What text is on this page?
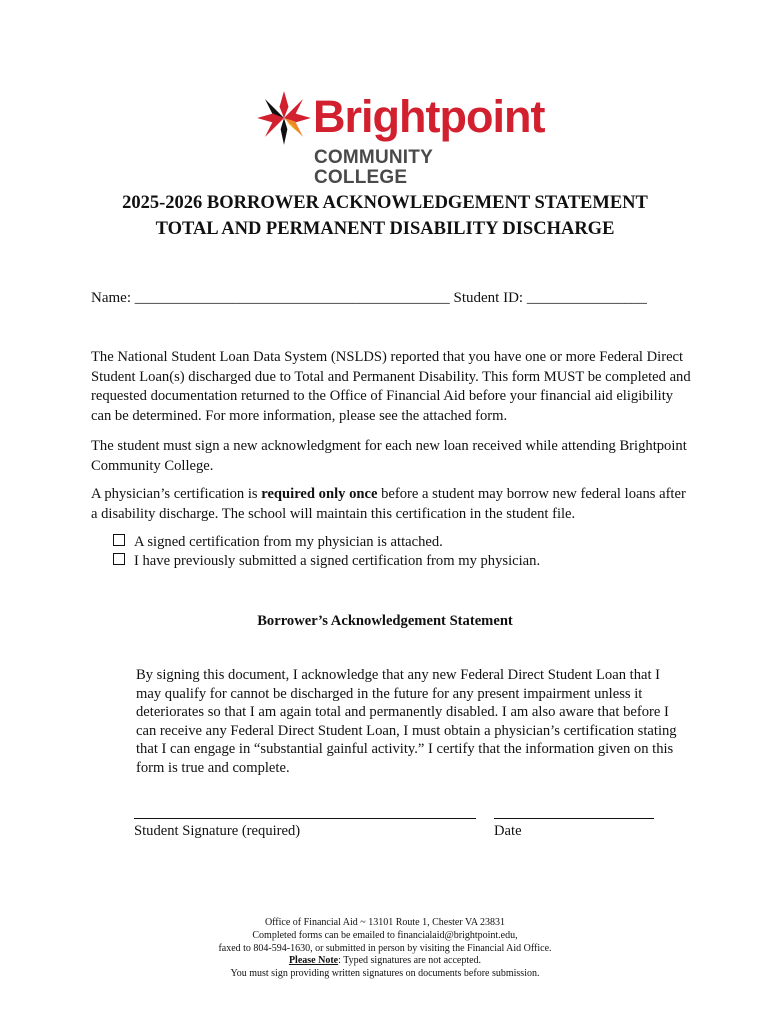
Brightpoint
COMMUNITY COLLEGE
2025-2026 BORROWER ACKNOWLEDGEMENT STATEMENT
TOTAL AND PERMANENT DISABILITY DISCHARGE
Name: __________________________________________ Student ID: ________________
The National Student Loan Data System (NSLDS) reported that you have one or more Federal Direct Student Loan(s) discharged due to Total and Permanent Disability. This form MUST be completed and requested documentation returned to the Office of Financial Aid before your financial aid eligibility can be determined. For more information, please see the attached form.
The student must sign a new acknowledgment for each new loan received while attending Brightpoint Community College.
A physician’s certification is required only once before a student may borrow new federal loans after a disability discharge. The school will maintain this certification in the student file.
A signed certification from my physician is attached.
I have previously submitted a signed certification from my physician.
Borrower’s Acknowledgement Statement
By signing this document, I acknowledge that any new Federal Direct Student Loan that I may qualify for cannot be discharged in the future for any present impairment unless it deteriorates so that I am again total and permanently disabled. I am also aware that before I can receive any Federal Direct Student Loan, I must obtain a physician’s certification stating that I can engage in “substantial gainful activity.” I certify that the information given on this form is true and complete.
Student Signature (required)	Date
Office of Financial Aid ~ 13101 Route 1, Chester VA 23831
Completed forms can be emailed to financialaid@brightpoint.edu,
faxed to 804-594-1630, or submitted in person by visiting the Financial Aid Office.
Please Note: Typed signatures are not accepted.
You must sign providing written signatures on documents before submission.
